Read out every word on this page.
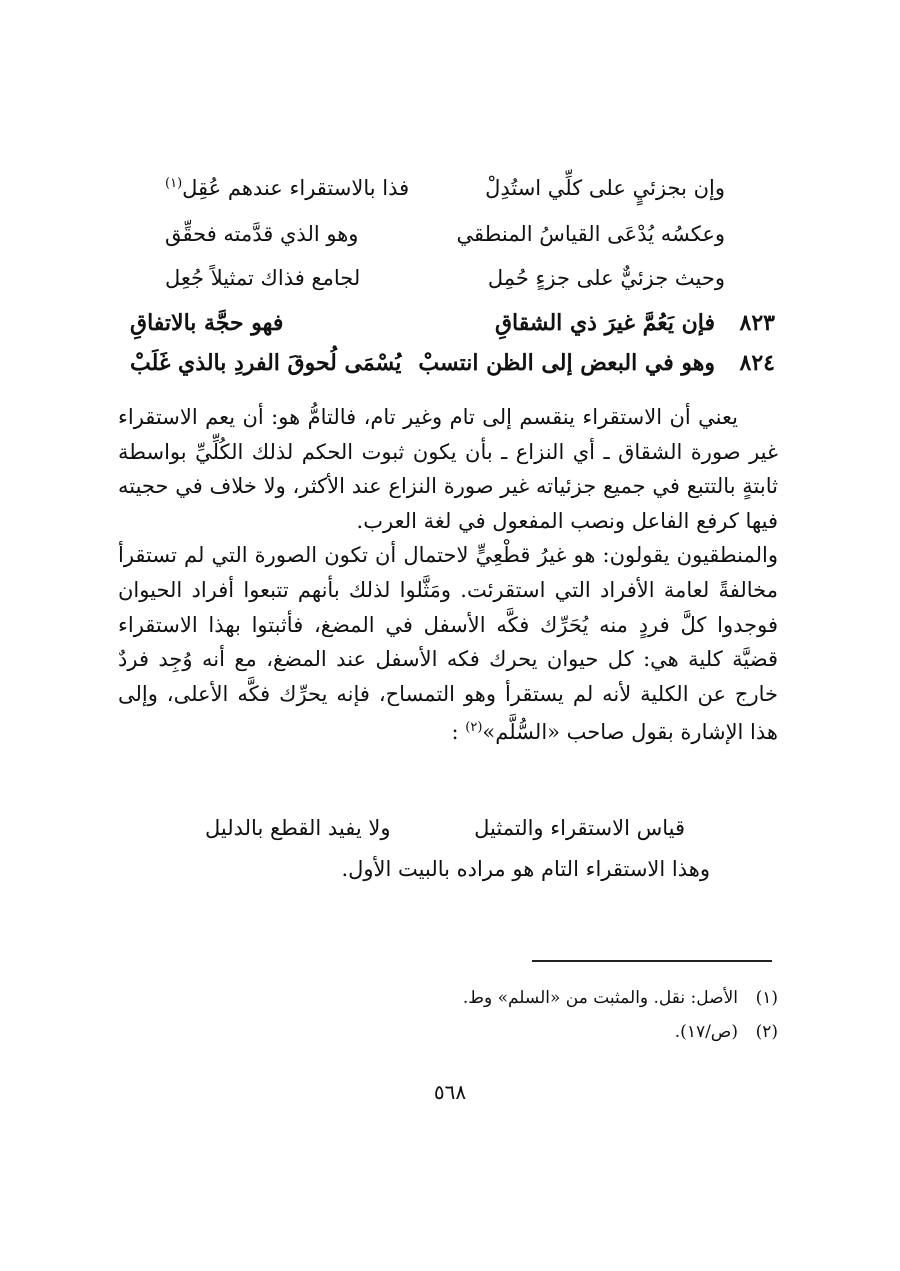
وإن بجزئيٍ على كلِّي استُدِلْ
فذا بالاستقراء عندهم عُقِل$^{(١)}$
وعكسُه يُدْعَى القياسُ المنطقي
وهو الذي قدَّمته فحقِّق
وحيث جزئيٌّ على جزءٍ حُمِل
لجامع فذاك تمثيلاً جُعِل
٨٢٣
فإن يَعُمَّ غيرَ ذي الشقاقِ
فهو حجَّة بالاتفاقِ
٨٢٤
وهو في البعض إلى الظن انتسبْ
يُسْمَى لُحوقَ الفردِ بالذي غَلَبْ

يعني أن الاستقراء ينقسم إلى تام وغير تام، فالتامُّ هو: أن يعم الاستقراء غير صورة الشقاق ـ أي النزاع ـ بأن يكون ثبوت الحكم لذلك الكُلِّيِّ بواسطة ثابتةٍ بالتتبع في جميع جزئياته غير صورة النزاع عند الأكثر، ولا خلاف في حجيته فيها كرفع الفاعل ونصب المفعول في لغة العرب.

والمنطقيون يقولون: هو غيرُ قطْعِيٍّ لاحتمال أن تكون الصورة التي لم تستقرأ مخالفةً لعامة الأفراد التي استقرئت. ومَثَّلوا لذلك بأنهم تتبعوا أفراد الحيوان فوجدوا كلَّ فردٍ منه يُحَرِّك فكَّه الأسفل في المضغ، فأثبتوا بهذا الاستقراء قضيَّة كلية هي: كل حيوان يحرك فكه الأسفل عند المضغ، مع أنه وُجِد فردٌ خارج عن الكلية لأنه لم يستقرأ وهو التمساح، فإنه يحرِّك فكَّه الأعلى، وإلى هذا الإشارة بقول صاحب «السُّلَّم»$^{(٢)}$ :

قياس الاستقراء والتمثيل
ولا يفيد القطع بالدليل
وهذا الاستقراء التام هو مراده بالبيت الأول.
(١)الأصل: نقل. والمثبت من «السلم» وط.
(٢)(ص/١٧).
٥٦٨
